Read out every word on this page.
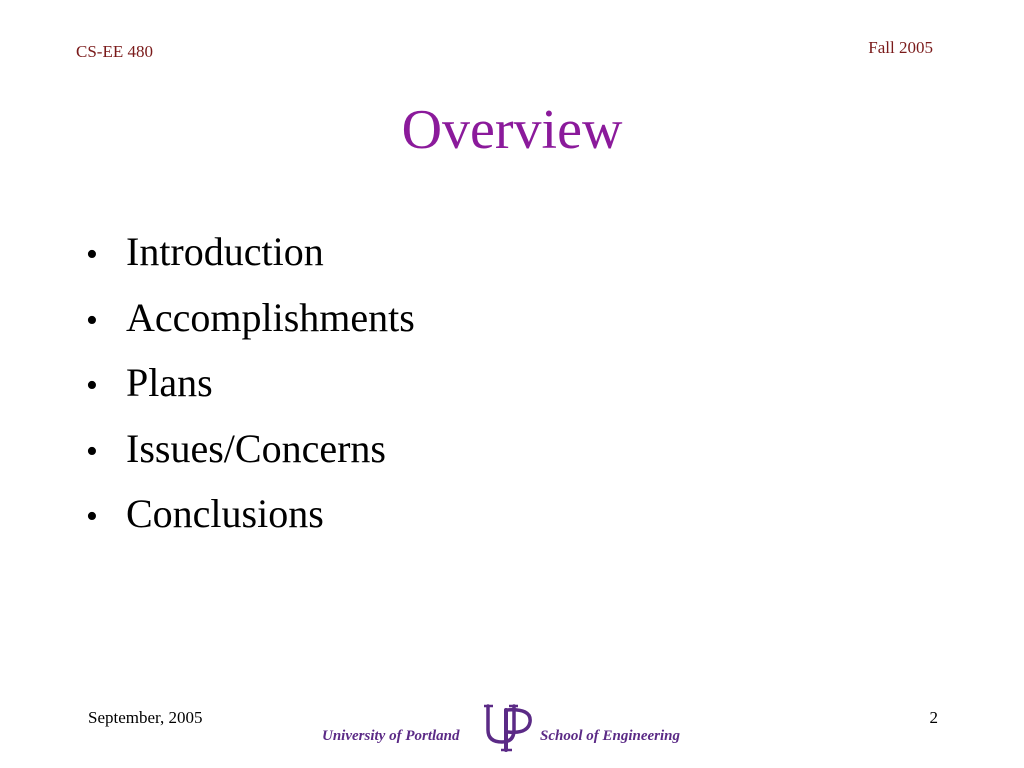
CS-EE 480	Fall 2005
Overview
• Introduction
• Accomplishments
• Plans
• Issues/Concerns
• Conclusions
September, 2005	2
University of Portland	School of Engineering
